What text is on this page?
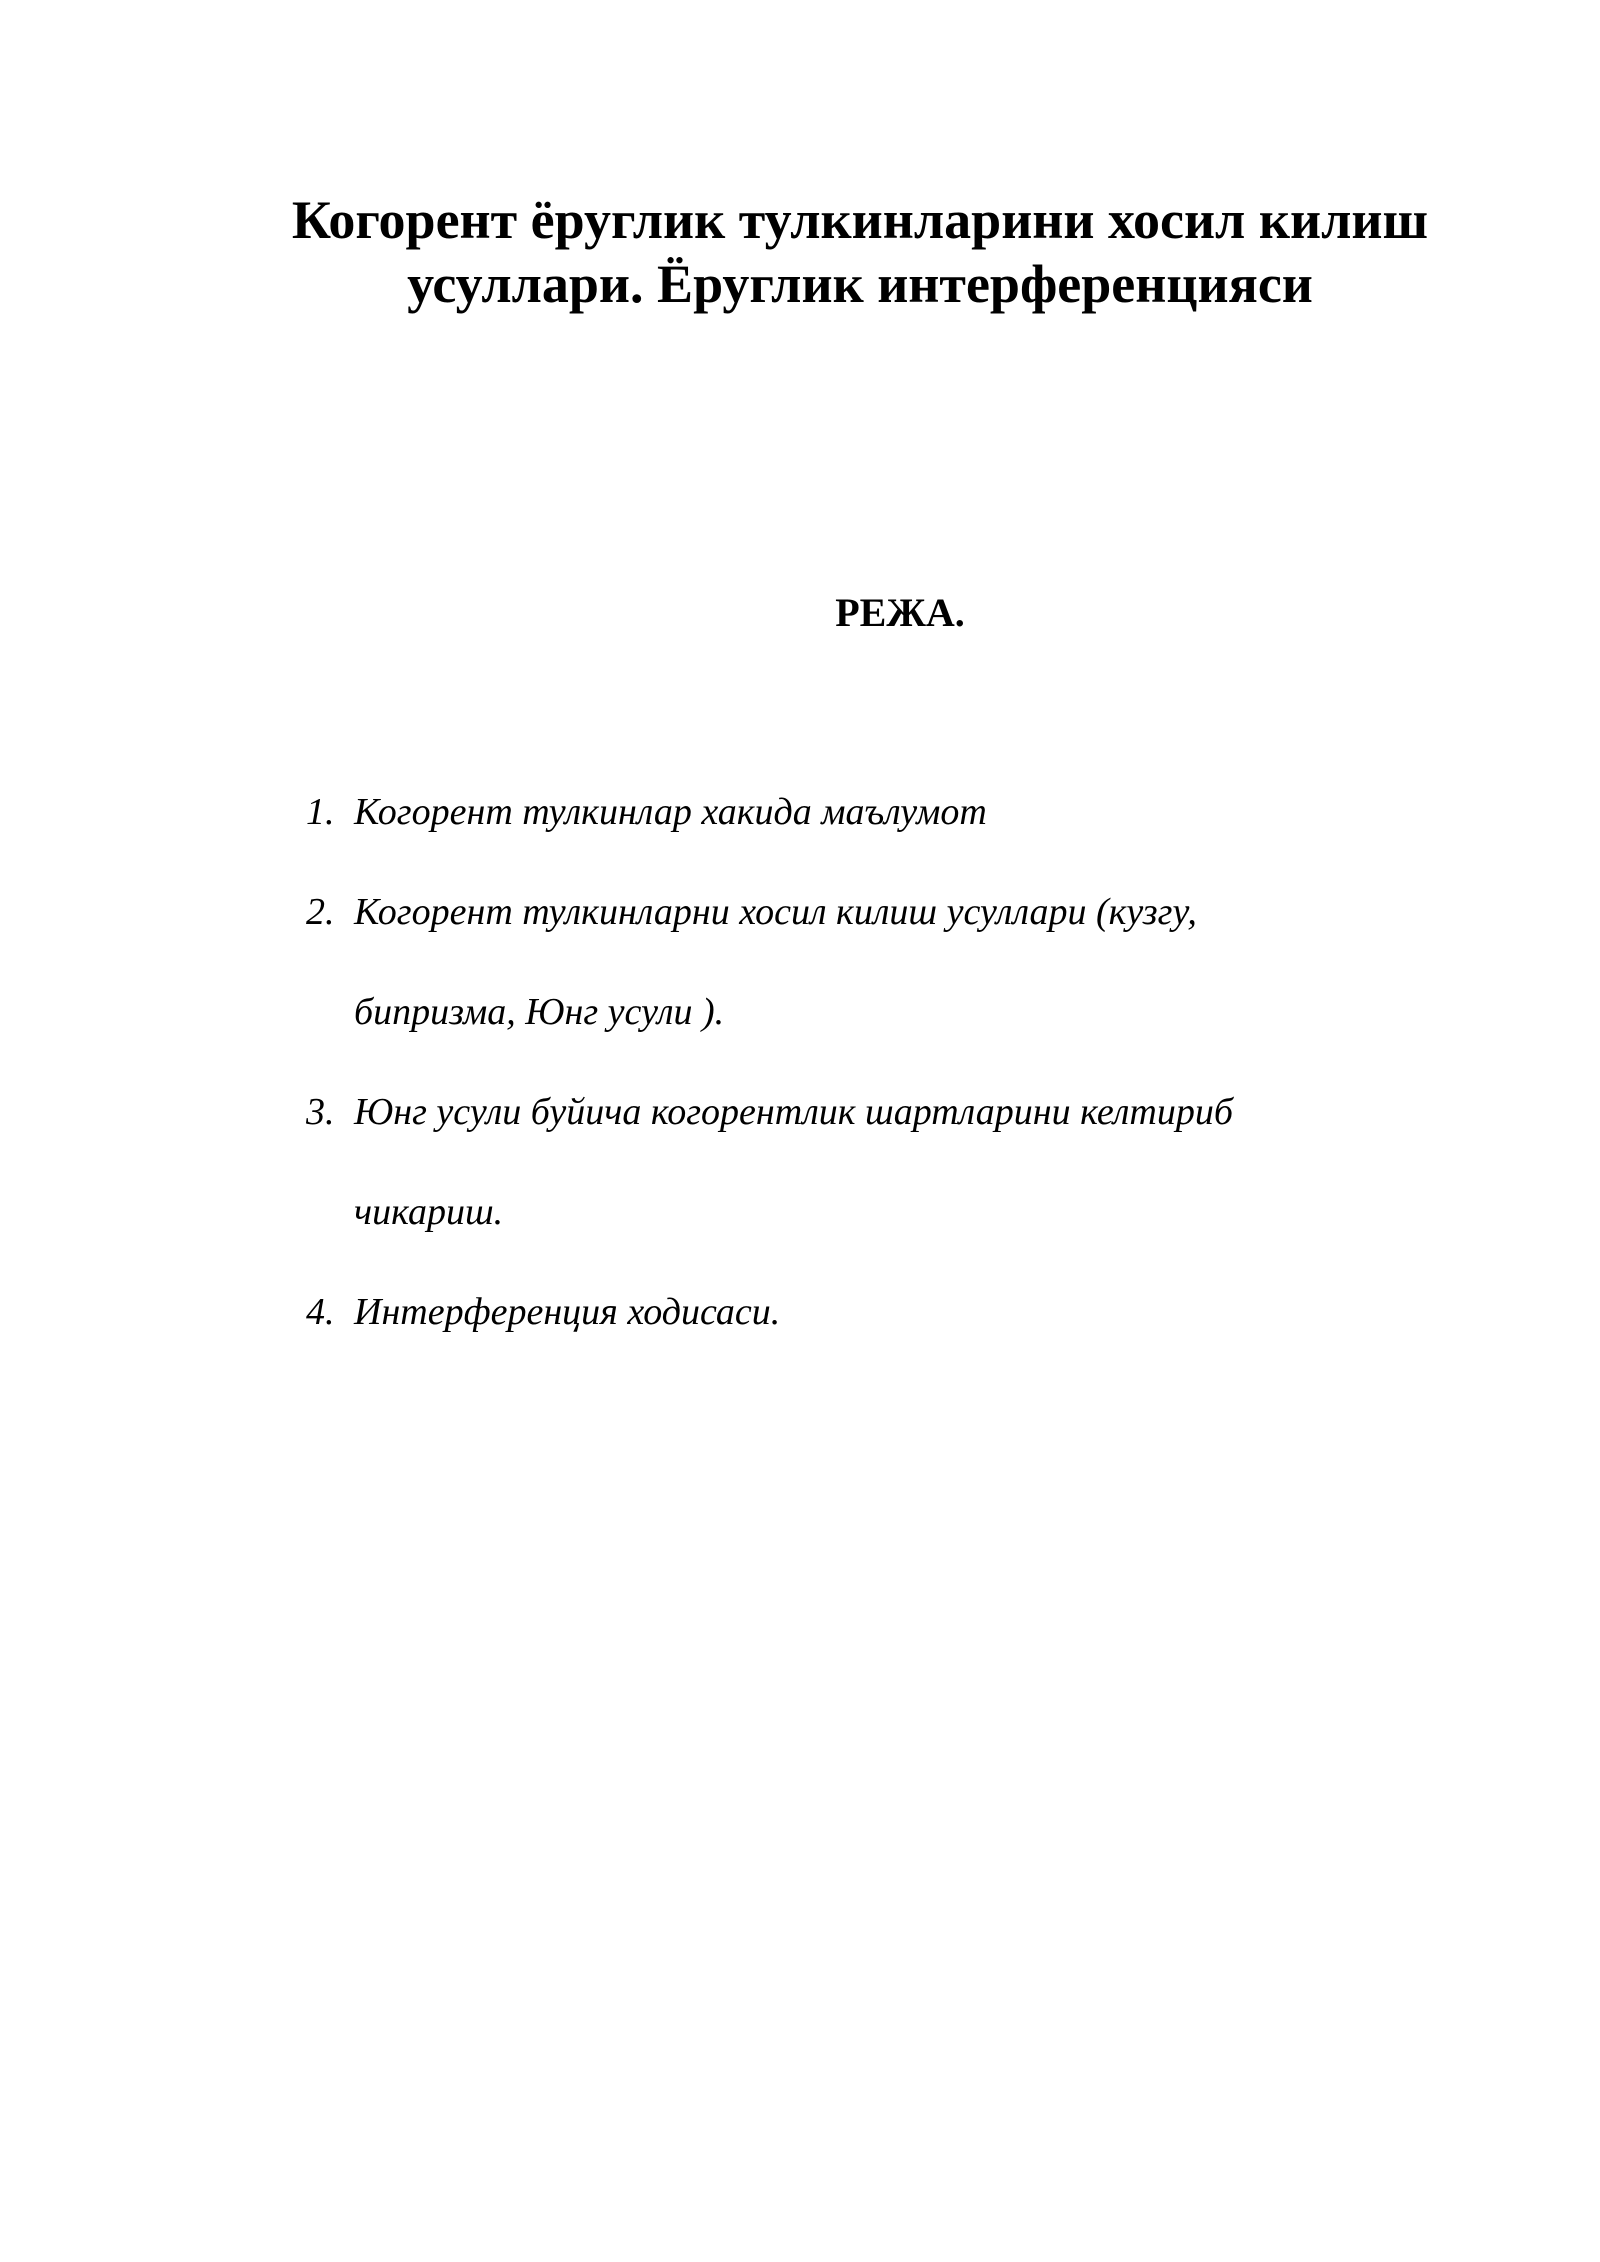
Когорент ёруглик тулкинларини хосил килиш
усуллари. Ёруглик интерференцияси
РЕЖА.
1. Когорент тулкинлар хакида маълумот
2. Когорент тулкинларни хосил килиш усуллари (кузгу,
бипризма, Юнг усули ).
3. Юнг усули буйича когорентлик шартларини келтириб
чикариш.
4. Интерференция ходисаси.
